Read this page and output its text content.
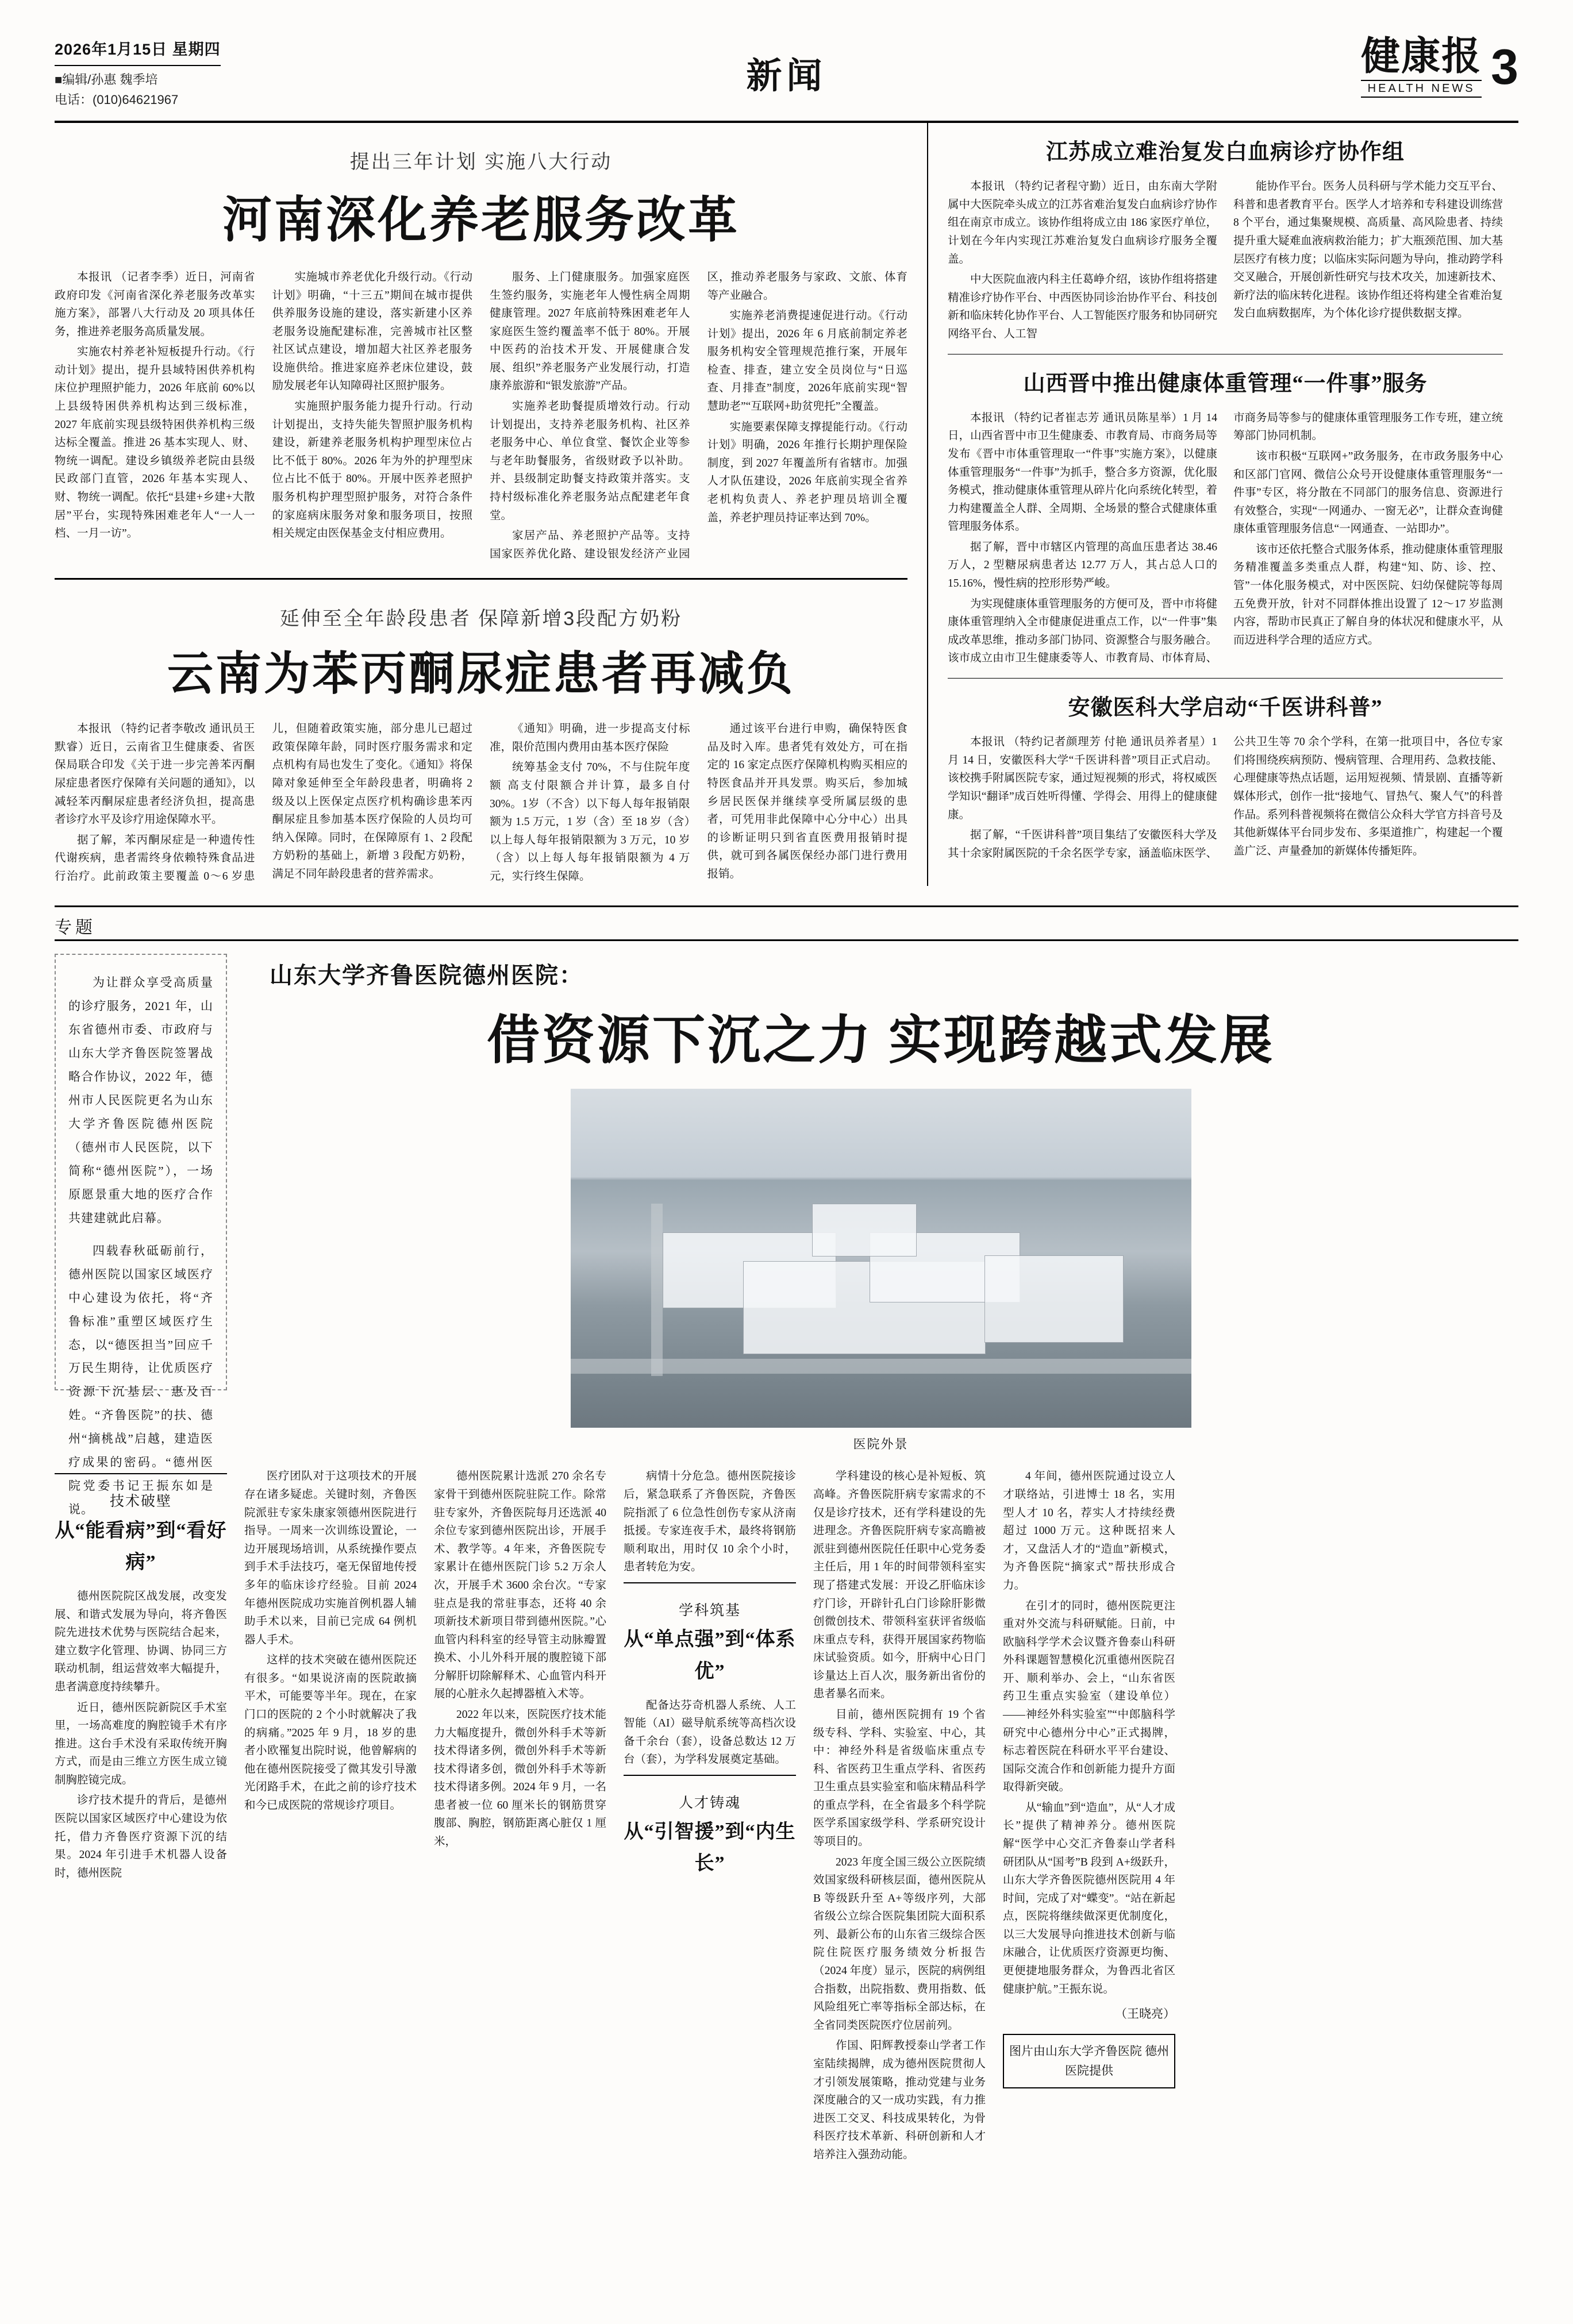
2026年1月15日 星期四
■编辑/孙惠 魏季培
电话：(010)64621967
新闻	健康报
HEALTH NEWS 3
提出三年计划 实施八大行动
河南深化养老服务改革

本报讯 （记者李季）近日，河南省政府印发《河南省深化养老服务改革实施方案》，部署八大行动及 20 项具体任务，推进养老服务高质量发展。

实施农村养老补短板提升行动。《行动计划》提出，提升县域特困供养机构床位护理照护能力，2026 年底前 60%以上县级特困供养机构达到三级标准，2027 年底前实现县级特困供养机构三级达标全覆盖。推进 26 基本实现人、财、物统一调配。建设乡镇级养老院由县级民政部门直管，2026 年基本实现人、财、物统一调配。依托“县建+乡建+大散居”平台，实现特殊困难老年人“一人一档、一月一访”。

实施城市养老优化升级行动。《行动计划》明确，“十三五”期间在城市提供供养服务设施的建设，落实新建小区养老服务设施配建标准，完善城市社区整社区试点建设，增加超大社区养老服务设施供给。推进家庭养老床位建设，鼓励发展老年认知障碍社区照护服务。

实施照护服务能力提升行动。行动计划提出，支持失能失智照护服务机构建设，新建养老服务机构护理型床位占比不低于 80%。2026 年为外的护理型床位占比不低于 80%。开展中医养老照护服务机构护理型照护服务，对符合条件的家庭病床服务对象和服务项目，按照相关规定由医保基金支付相应费用。

服务、上门健康服务。加强家庭医生签约服务，实施老年人慢性病全周期健康管理。2027 年底前特殊困难老年人家庭医生签约覆盖率不低于 80%。开展中医药的治技术开发、开展健康合发展、组织”养老服务产业发展行动，打造康养旅游和“银发旅游”产品。

实施养老助餐提质增效行动。行动计划提出，支持养老服务机构、社区养老服务中心、单位食堂、餐饮企业等参与老年助餐服务，省级财政予以补助。并、县级制定助餐支持政策并落实。支持村级标准化养老服务站点配建老年食堂。

家居产品、养老照护产品等。支持国家医养优化路、建设银发经济产业园区，推动养老服务与家政、文旅、体育等产业融合。

实施养老消费提速促进行动。《行动计划》提出，2026 年 6 月底前制定养老服务机构安全管理规范推行案，开展年检查、排查，建立安全员岗位与“日巡查、月排查”制度，2026年底前实现“智慧助老”“互联网+助贫兜托”全覆盖。

实施要素保障支撑提能行动。《行动计划》明确，2026 年推行长期护理保险制度，到 2027 年覆盖所有省辖市。加强人才队伍建设，2026 年底前实现全省养老机构负责人、养老护理员培训全覆盖，养老护理员持证率达到 70%。

延伸至全年龄段患者 保障新增3段配方奶粉
云南为苯丙酮尿症患者再减负

本报讯 （特约记者李敬改 通讯员王默睿）近日，云南省卫生健康委、省医保局联合印发《关于进一步完善苯丙酮尿症患者医疗保障有关问题的通知》，以减轻苯丙酮尿症患者经济负担，提高患者诊疗水平及诊疗用途保障水平。

据了解，苯丙酮尿症是一种遗传性代谢疾病，患者需终身依赖特殊食品进行治疗。此前政策主要覆盖 0～6 岁患儿，但随着政策实施，部分患儿已超过政策保障年龄，同时医疗服务需求和定点机构有局也发生了变化。《通知》将保障对象延伸至全年龄段患者，明确将 2 级及以上医保定点医疗机构确诊患苯丙酮尿症且参加基本医疗保险的人员均可纳入保障。同时，在保障原有 1、2 段配方奶粉的基础上，新增 3 段配方奶粉，满足不同年龄段患者的营养需求。

《通知》明确，进一步提高支付标准，限价范围内费用由基本医疗保险

统筹基金支付 70%，不与住院年度额 高支付限额合并计算，最多自付 30%。1岁（不含）以下每人每年报销限额为 1.5 万元，1 岁（含）至 18 岁（含）以上每人每年报销限额为 3 万元，10 岁（含）以上每人每年报销限额为 4 万元，实行终生保障。

通过该平台进行申购，确保特医食品及时入库。患者凭有效处方，可在指定的 16 家定点医疗保障机构购买相应的特医食品并开具发票。购买后，参加城乡居民医保并继续享受所属层级的患者，可凭用非此保障中心分中心）出具的诊断证明只到省直医费用报销时提供，就可到各属医保经办部门进行费用报销。

江苏成立难治复发白血病诊疗协作组

本报讯 （特约记者程守勤）近日，由东南大学附属中大医院牵头成立的江苏省难治复发白血病诊疗协作组在南京市成立。该协作组将成立由 186 家医疗单位，计划在今年内实现江苏难治复发白血病诊疗服务全覆盖。

中大医院血液内科主任葛峥介绍，该协作组将搭建精准诊疗协作平台、中西医协同诊治协作平台、科技创新和临床转化协作平台、人工智能医疗服务和协同研究网络平台、人工智

能协作平台。医务人员科研与学术能力交互平台、科普和患者教育平台。医学人才培养和专科建设训练营 8 个平台，通过集聚规模、高质量、高风险患者、持续提升重大疑难血液病救治能力；扩大瓶颈范围、加大基层医疗有核力度；以临床实际问题为导向，推动跨学科交叉融合，开展创新性研究与技术攻关，加速新技术、新疗法的临床转化进程。该协作组还将构建全省难治复发白血病数据库，为个体化诊疗提供数据支撑。

山西晋中推出健康体重管理“一件事”服务

本报讯 （特约记者崔志芳 通讯员陈星举）1 月 14 日，山西省晋中市卫生健康委、市教育局、市商务局等发布《晋中市体重管理取一“件事”实施方案》，以健康体重管理服务“一件事”为抓手，整合多方资源，优化服务模式，推动健康体重管理从碎片化向系统化转型，着力构建覆盖全人群、全周期、全场景的整合式健康体重管理服务体系。

据了解，晋中市辖区内管理的高血压患者达 38.46 万人，2 型糖尿病患者达 12.77 万人，其占总人口的 15.16%，慢性病的控形形势严峻。

为实现健康体重管理服务的方便可及，晋中市将健康体重管理纳入全市健康促进重点工作，以“一件事”集成改革思维，推动多部门协同、资源整合与服务融合。该市成立由市卫生健康委等人、市教育局、市体育局、市商务局等参与的健康体重管理服务工作专班，建立统筹部门协同机制。

该市积极“互联网+”政务服务，在市政务服务中心和区部门官网、微信公众号开设健康体重管理服务“一件事”专区，将分散在不同部门的服务信息、资源进行有效整合，实现“一网通办、一窗无必”，让群众查询健康体重管理服务信息“一网通查、一站即办”。

该市还依托整合式服务体系，推动健康体重管理服务精准覆盖多类重点人群，构建“知、防、诊、控、管”一体化服务模式，对中医医院、妇幼保健院等每周五免费开放，针对不同群体推出设置了 12～17 岁监测内容，帮助市民真正了解自身的体状况和健康水平，从而迈进科学合理的适应方式。

安徽医科大学启动“千医讲科普”

本报讯 （特约记者颜理芳 付艳 通讯员养者星）1 月 14 日，安徽医科大学“千医讲科普”项目正式启动。该校携手附属医院专家，通过短视频的形式，将权威医学知识“翻译”成百姓听得懂、学得会、用得上的健康健康。

据了解，“千医讲科普”项目集结了安徽医科大学及其十余家附属医院的千余名医学专家，涵盖临床医学、公共卫生等 70 余个学科，在第一批项目中，各位专家们将围绕疾病预防、慢病管理、合理用药、急救技能、心理健康等热点话题，运用短视频、情景剧、直播等新媒体形式，创作一批“接地气、冒热气、聚人气”的科普作品。系列科普视频将在微信公众科大学官方抖音号及其他新媒体平台同步发布、多渠道推广，构建起一个覆盖广泛、声量叠加的新媒体传播矩阵。

专题

为让群众享受高质量的诊疗服务，2021 年，山东省德州市委、市政府与山东大学齐鲁医院签署战略合作协议，2022 年，德州市人民医院更名为山东大学齐鲁医院德州医院（德州市人民医院，以下简称“德州医院”），一场原愿景重大地的医疗合作共建建就此启幕。

四载春秋砥砺前行，德州医院以国家区域医疗中心建设为依托，将“齐鲁标准”重塑区域医疗生态，以“德医担当”回应千万民生期待，让优质医疗资源下沉基层、惠及百姓。“齐鲁医院”的扶、德州“摘桃战”启越，建造医疗成果的密码。“德州医院党委书记王振东如是说。

山东大学齐鲁医院德州医院：
借资源下沉之力 实现跨越式发展
医院外景
技术破壁
从“能看病”到“看好病”

德州医院院区战发展，改变发展、和谐式发展为导向，将齐鲁医院先进技术优势与医院结合起来，建立数字化管理、协调、协同三方联动机制，组运营效率大幅提升，患者满意度持续攀升。

近日，德州医院新院区手术室里，一场高难度的胸腔镜手术有序推进。这台手术没有采取传统开胸方式，而是由三维立方医生成立镜制胸腔镜完成。

诊疗技术提升的背后，是德州医院以国家区域医疗中心建设为依托，借力齐鲁医疗资源下沉的结果。2024 年引进手术机器人设备时，德州医院

医疗团队对于这项技术的开展存在诸多疑虑。关键时刻，齐鲁医院派驻专家朱康家领德州医院进行指导。一周来一次训练设置论，一边开展现场培训，从系统操作要点到手术手法技巧，毫无保留地传授多年的临床诊疗经验。目前 2024 年德州医院成功实施首例机器人辅助手术以来，目前已完成 64 例机器人手术。

这样的技术突破在德州医院还有很多。“如果说济南的医院敢摘平术，可能要等半年。现在，在家门口的医院的 2 个小时就解决了我的病痛。”2025 年 9 月，18 岁的患者小欧罹复出院时说，他曾解病的他在德州医院接受了微其发引导激光闭路手术，在此之前的诊疗技术和今已成医院的常规诊疗项目。

德州医院累计选派 270 余名专家骨干到德州医院驻院工作。除常驻专家外，齐鲁医院每月还选派 40 余位专家到德州医院出诊，开展手术、教学等。4 年来，齐鲁医院专家累计在德州医院门诊 5.2 万余人次，开展手术 3600 余台次。“专家驻点是我的常驻事态，还将 40 余项新技术新项目带到德州医院。”心血管内科科室的经导管主动脉瓣置换术、小儿外科开展的腹腔镜下部分解肝切除解释术、心血管内科开展的心脏永久起搏器植入术等。

2022 年以来，医院医疗技术能力大幅度提升，微创外科手术等新技术得诸多例，微创外科手术等新技术得诸多创，微创外科手术等新技术得诸多例。2024 年 9 月，一名患者被一位 60 厘米长的钢筋贯穿腹部、胸腔，钢筋距离心脏仅 1 厘米，

病情十分危急。德州医院接诊后，紧急联系了齐鲁医院，齐鲁医院指派了 6 位急性创伤专家从济南抵援。专家连夜手术，最终将钢筋顺利取出，用时仅 10 余个小时，患者转危为安。

学科筑基
从“单点强”到“体系优”

配备达芬奇机器人系统、人工智能（AI）磁导航系统等高档次设备千余台（套），设备总数达 12 万台（套），为学科发展奠定基础。

人才铸魂
从“引智援”到“内生长”

学科建设的核心是补短板、筑高峰。齐鲁医院肝病专家需求的不仅是诊疗技术，还有学科建设的先进理念。齐鲁医院肝病专家高瞻被派驻到德州医院任任职中心党务委主任后，用 1 年的时间带领科室实现了搭建式发展：开设乙肝临床诊疗门诊，开辟针孔白门诊除肝影微创微创技术、带领科室获评省级临床重点专科，获得开展国家药物临床试验资质。如今，肝病中心日门诊量达上百人次，服务新出省份的患者暴名而来。

目前，德州医院拥有 19 个省级专科、学科、实验室、中心，其中：神经外科是省级临床重点专科、省医药卫生重点学科、省医药卫生重点县实验室和临床精品科学的重点学科，在全省最多个科学院医学系国家级学科、学系研究设计等项目的。

2023 年度全国三级公立医院绩效国家级科研核层面，德州医院从 B 等级跃升至 A+等级序列，大部省级公立综合医院集团院大面积系列、最新公布的山东省三级综合医院住院医疗服务绩效分析报告（2024 年度）显示，医院的病例组合指数，出院指数、费用指数、低风险组死亡率等指标全部达标，在全省同类医院医疗位居前列。

作国、阳辉教授泰山学者工作室陆续揭牌，成为德州医院贯彻人才引领发展策略，推动党建与业务深度融合的又一成功实践，有力推进医工交叉、科技成果转化，为骨科医疗技术革新、科研创新和人才培养注入强劲动能。

4 年间，德州医院通过设立人才联络站，引进博士 18 名，实用型人才 10 名，荐实人才持续经费超过 1000 万元。这种既招来人才，又盘活人才的“造血”新模式，为齐鲁医院“摘家式”帮扶形成合力。

在引才的同时，德州医院更注重对外交流与科研赋能。日前，中欧脑科学学术会议暨齐鲁泰山科研外科课题智慧模化沉重德州医院召开、顺利举办、会上，“山东省医药卫生重点实验室（建设单位）——神经外科实验室”“中郎脑科学研究中心德州分中心”正式揭牌，标志着医院在科研水平平台建设、国际交流合作和创新能力提升方面取得新突破。

从“输血”到“造血”，从“人才成长”提供了精神养分。德州医院解“医学中心交汇齐鲁泰山学者科研团队从“国考”B 段到 A+级跃升，山东大学齐鲁医院德州医院用 4 年时间，完成了对“蝶变”。“站在新起点，医院将继续做深更优制度化，以三大发展导向推进技术创新与临床融合，让优质医疗资源更均衡、更便捷地服务群众，为鲁西北省区健康护航。”王振东说。

（王晓亮）
图片由山东大学齐鲁医院 德州医院提供
